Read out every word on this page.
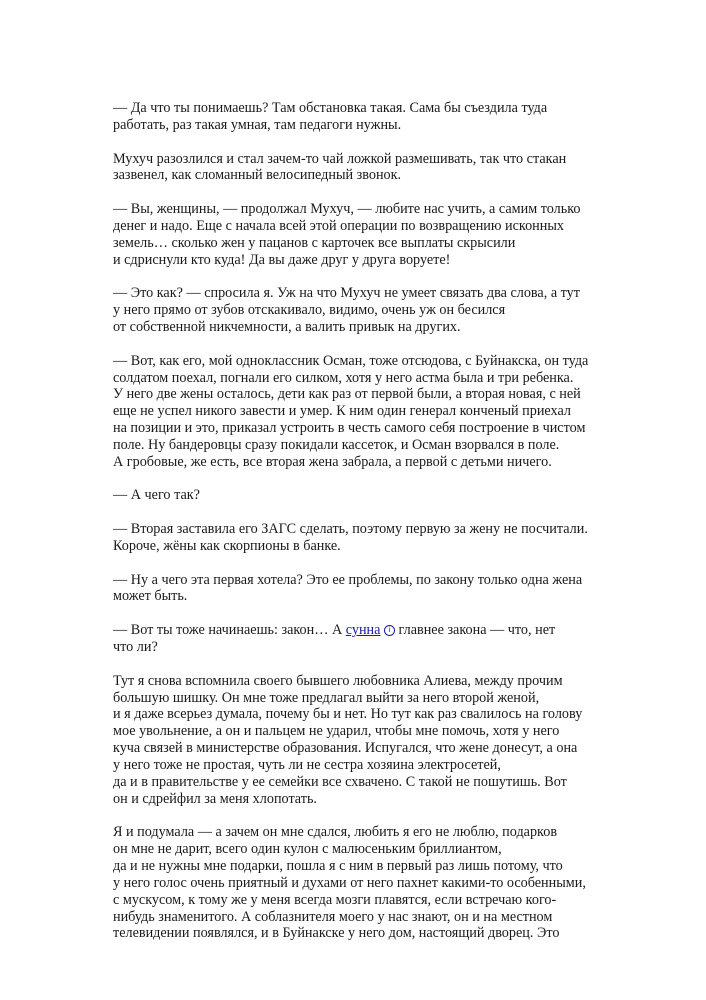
— Да что ты понимаешь? Там обстановка такая. Сама бы съездила туда
работать, раз такая умная, там педагоги нужны.

Мухуч разозлился и стал зачем-то чай ложкой размешивать, так что стакан
зазвенел, как сломанный велосипедный звонок.

— Вы, женщины, — продолжал Мухуч, — любите нас учить, а самим только
денег и надо. Еще с начала всей этой операции по возвращению исконных
земель… сколько жен у пацанов с карточек все выплаты скрысили
и сдриснули кто куда! Да вы даже друг у друга воруете!

— Это как? — спросила я. Уж на что Мухуч не умеет связать два слова, а тут
у него прямо от зубов отскакивало, видимо, очень уж он бесился
от собственной никчемности, а валить привык на других.

— Вот, как его, мой одноклассник Осман, тоже отсюдова, с Буйнакска, он туда
солдатом поехал, погнали его силком, хотя у него астма была и три ребенка.
У него две жены осталось, дети как раз от первой были, а вторая новая, с ней
еще не успел никого завести и умер. К ним один генерал конченый приехал
на позиции и это, приказал устроить в честь самого себя построение в чистом
поле. Ну бандеровцы сразу покидали кассеток, и Осман взорвался в поле.
А гробовые, же есть, все вторая жена забрала, а первой с детьми ничего.

— А чего так?

— Вторая заставила его ЗАГС сделать, поэтому первую за жену не посчитали.
Короче, жёны как скорпионы в банке.

— Ну а чего эта первая хотела? Это ее проблемы, по закону только одна жена
может быть.

— Вот ты тоже начинаешь: закон… А сунна i главнее закона — что, нет
что ли?

Тут я снова вспомнила своего бывшего любовника Алиева, между прочим
большую шишку. Он мне тоже предлагал выйти за него второй женой,
и я даже всерьез думала, почему бы и нет. Но тут как раз свалилось на голову
мое увольнение, а он и пальцем не ударил, чтобы мне помочь, хотя у него
куча связей в министерстве образования. Испугался, что жене донесут, а она
у него тоже не простая, чуть ли не сестра хозяина электросетей,
да и в правительстве у ее семейки все схвачено. С такой не пошутишь. Вот
он и сдрейфил за меня хлопотать.

Я и подумала — а зачем он мне сдался, любить я его не люблю, подарков
он мне не дарит, всего один кулон с малюсеньким бриллиантом,
да и не нужны мне подарки, пошла я с ним в первый раз лишь потому, что
у него голос очень приятный и духами от него пахнет какими-то особенными,
с мускусом, к тому же у меня всегда мозги плавятся, если встречаю кого-
нибудь знаменитого. А соблазнителя моего у нас знают, он и на местном
телевидении появлялся, и в Буйнакске у него дом, настоящий дворец. Это
